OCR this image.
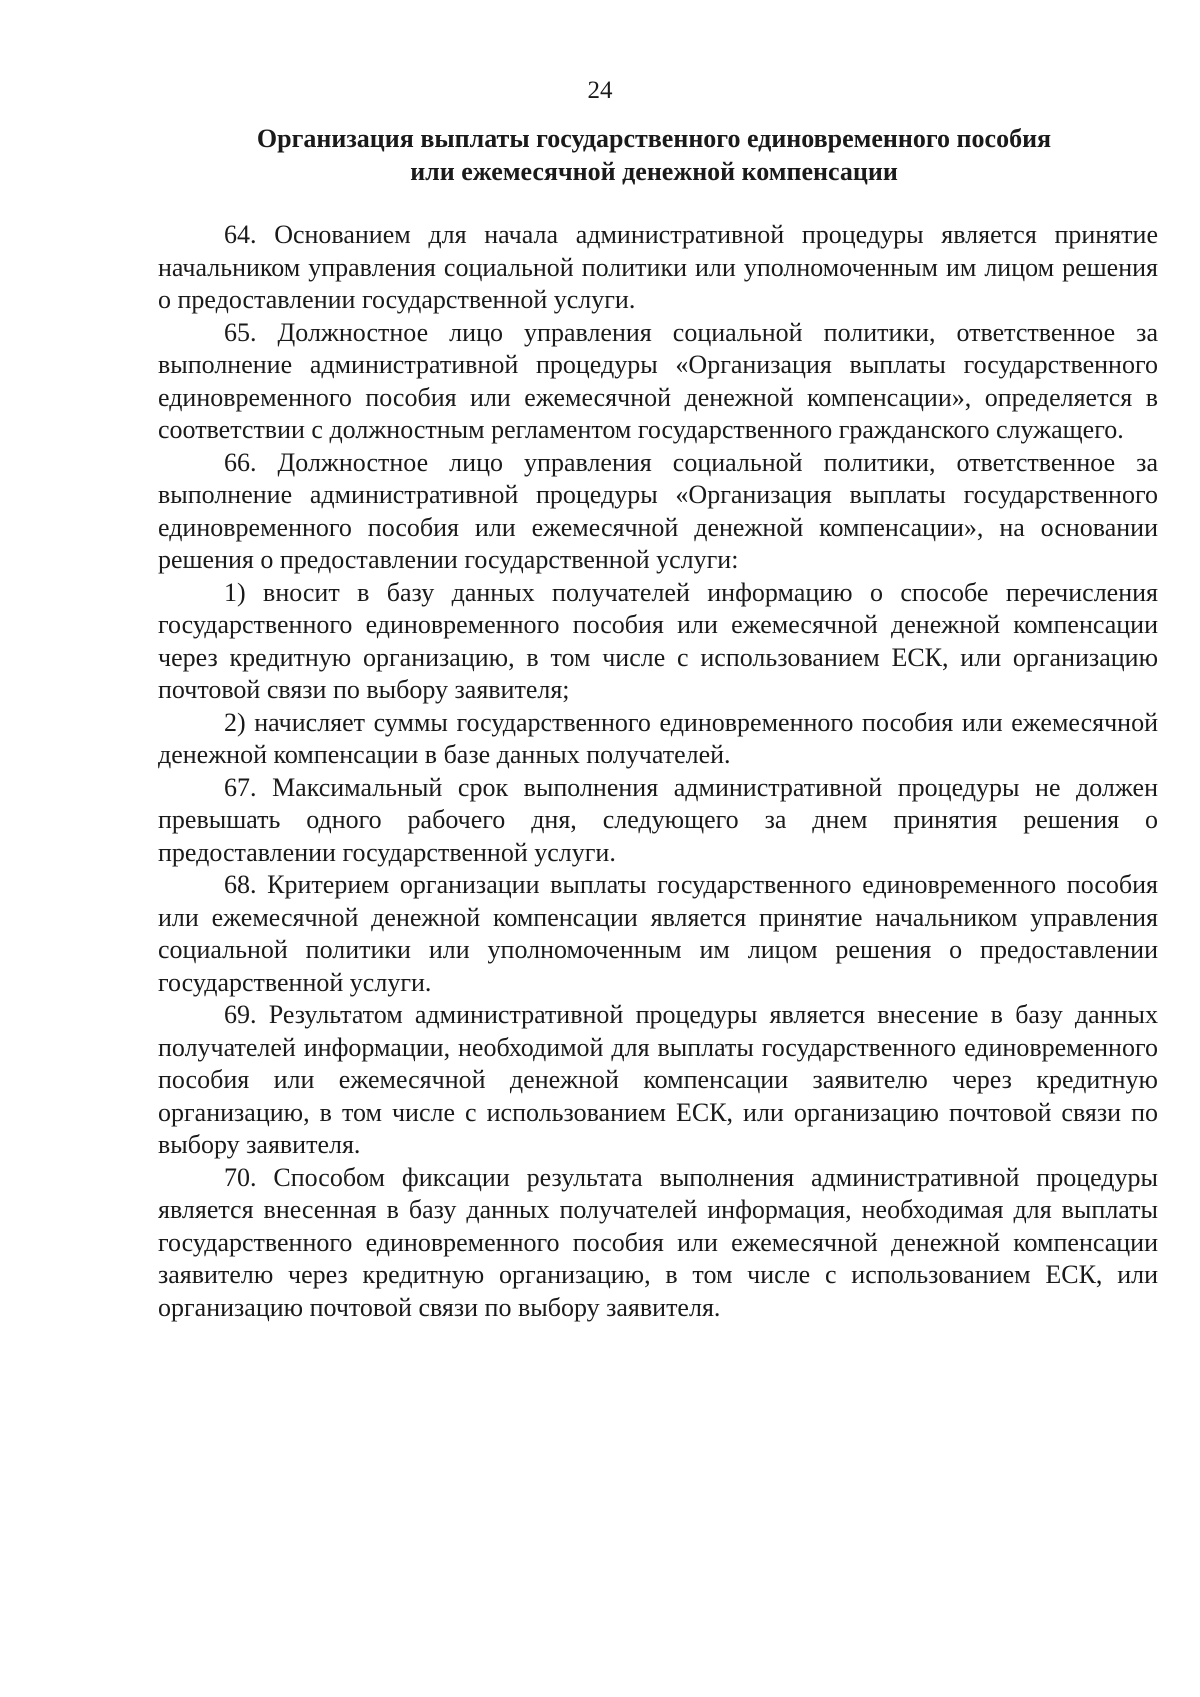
24
Организация выплаты государственного единовременного пособия
или ежемесячной денежной компенсации

64. Основанием для начала административной процедуры является принятие начальником управления социальной политики или уполномоченным им лицом решения о предоставлении государственной услуги.

65. Должностное лицо управления социальной политики, ответственное за выполнение административной процедуры «Организация выплаты государственного единовременного пособия или ежемесячной денежной компенсации», определяется в соответствии с должностным регламентом государственного гражданского служащего.

66. Должностное лицо управления социальной политики, ответственное за выполнение административной процедуры «Организация выплаты государственного единовременного пособия или ежемесячной денежной компенсации», на основании решения о предоставлении государственной услуги:

1) вносит в базу данных получателей информацию о способе перечисления государственного единовременного пособия или ежемесячной денежной компенсации через кредитную организацию, в том числе с использованием ЕСК, или организацию почтовой связи по выбору заявителя;

2) начисляет суммы государственного единовременного пособия или ежемесячной денежной компенсации в базе данных получателей.

67. Максимальный срок выполнения административной процедуры не должен превышать одного рабочего дня, следующего за днем принятия решения о предоставлении государственной услуги.

68. Критерием организации выплаты государственного единовременного пособия или ежемесячной денежной компенсации является принятие начальником управления социальной политики или уполномоченным им лицом решения о предоставлении государственной услуги.

69. Результатом административной процедуры является внесение в базу данных получателей информации, необходимой для выплаты государственного единовременного пособия или ежемесячной денежной компенсации заявителю через кредитную организацию, в том числе с использованием ЕСК, или организацию почтовой связи по выбору заявителя.

70. Способом фиксации результата выполнения административной процедуры является внесенная в базу данных получателей информация, необходимая для выплаты государственного единовременного пособия или ежемесячной денежной компенсации заявителю через кредитную организацию, в том числе с использованием ЕСК, или организацию почтовой связи по выбору заявителя.
